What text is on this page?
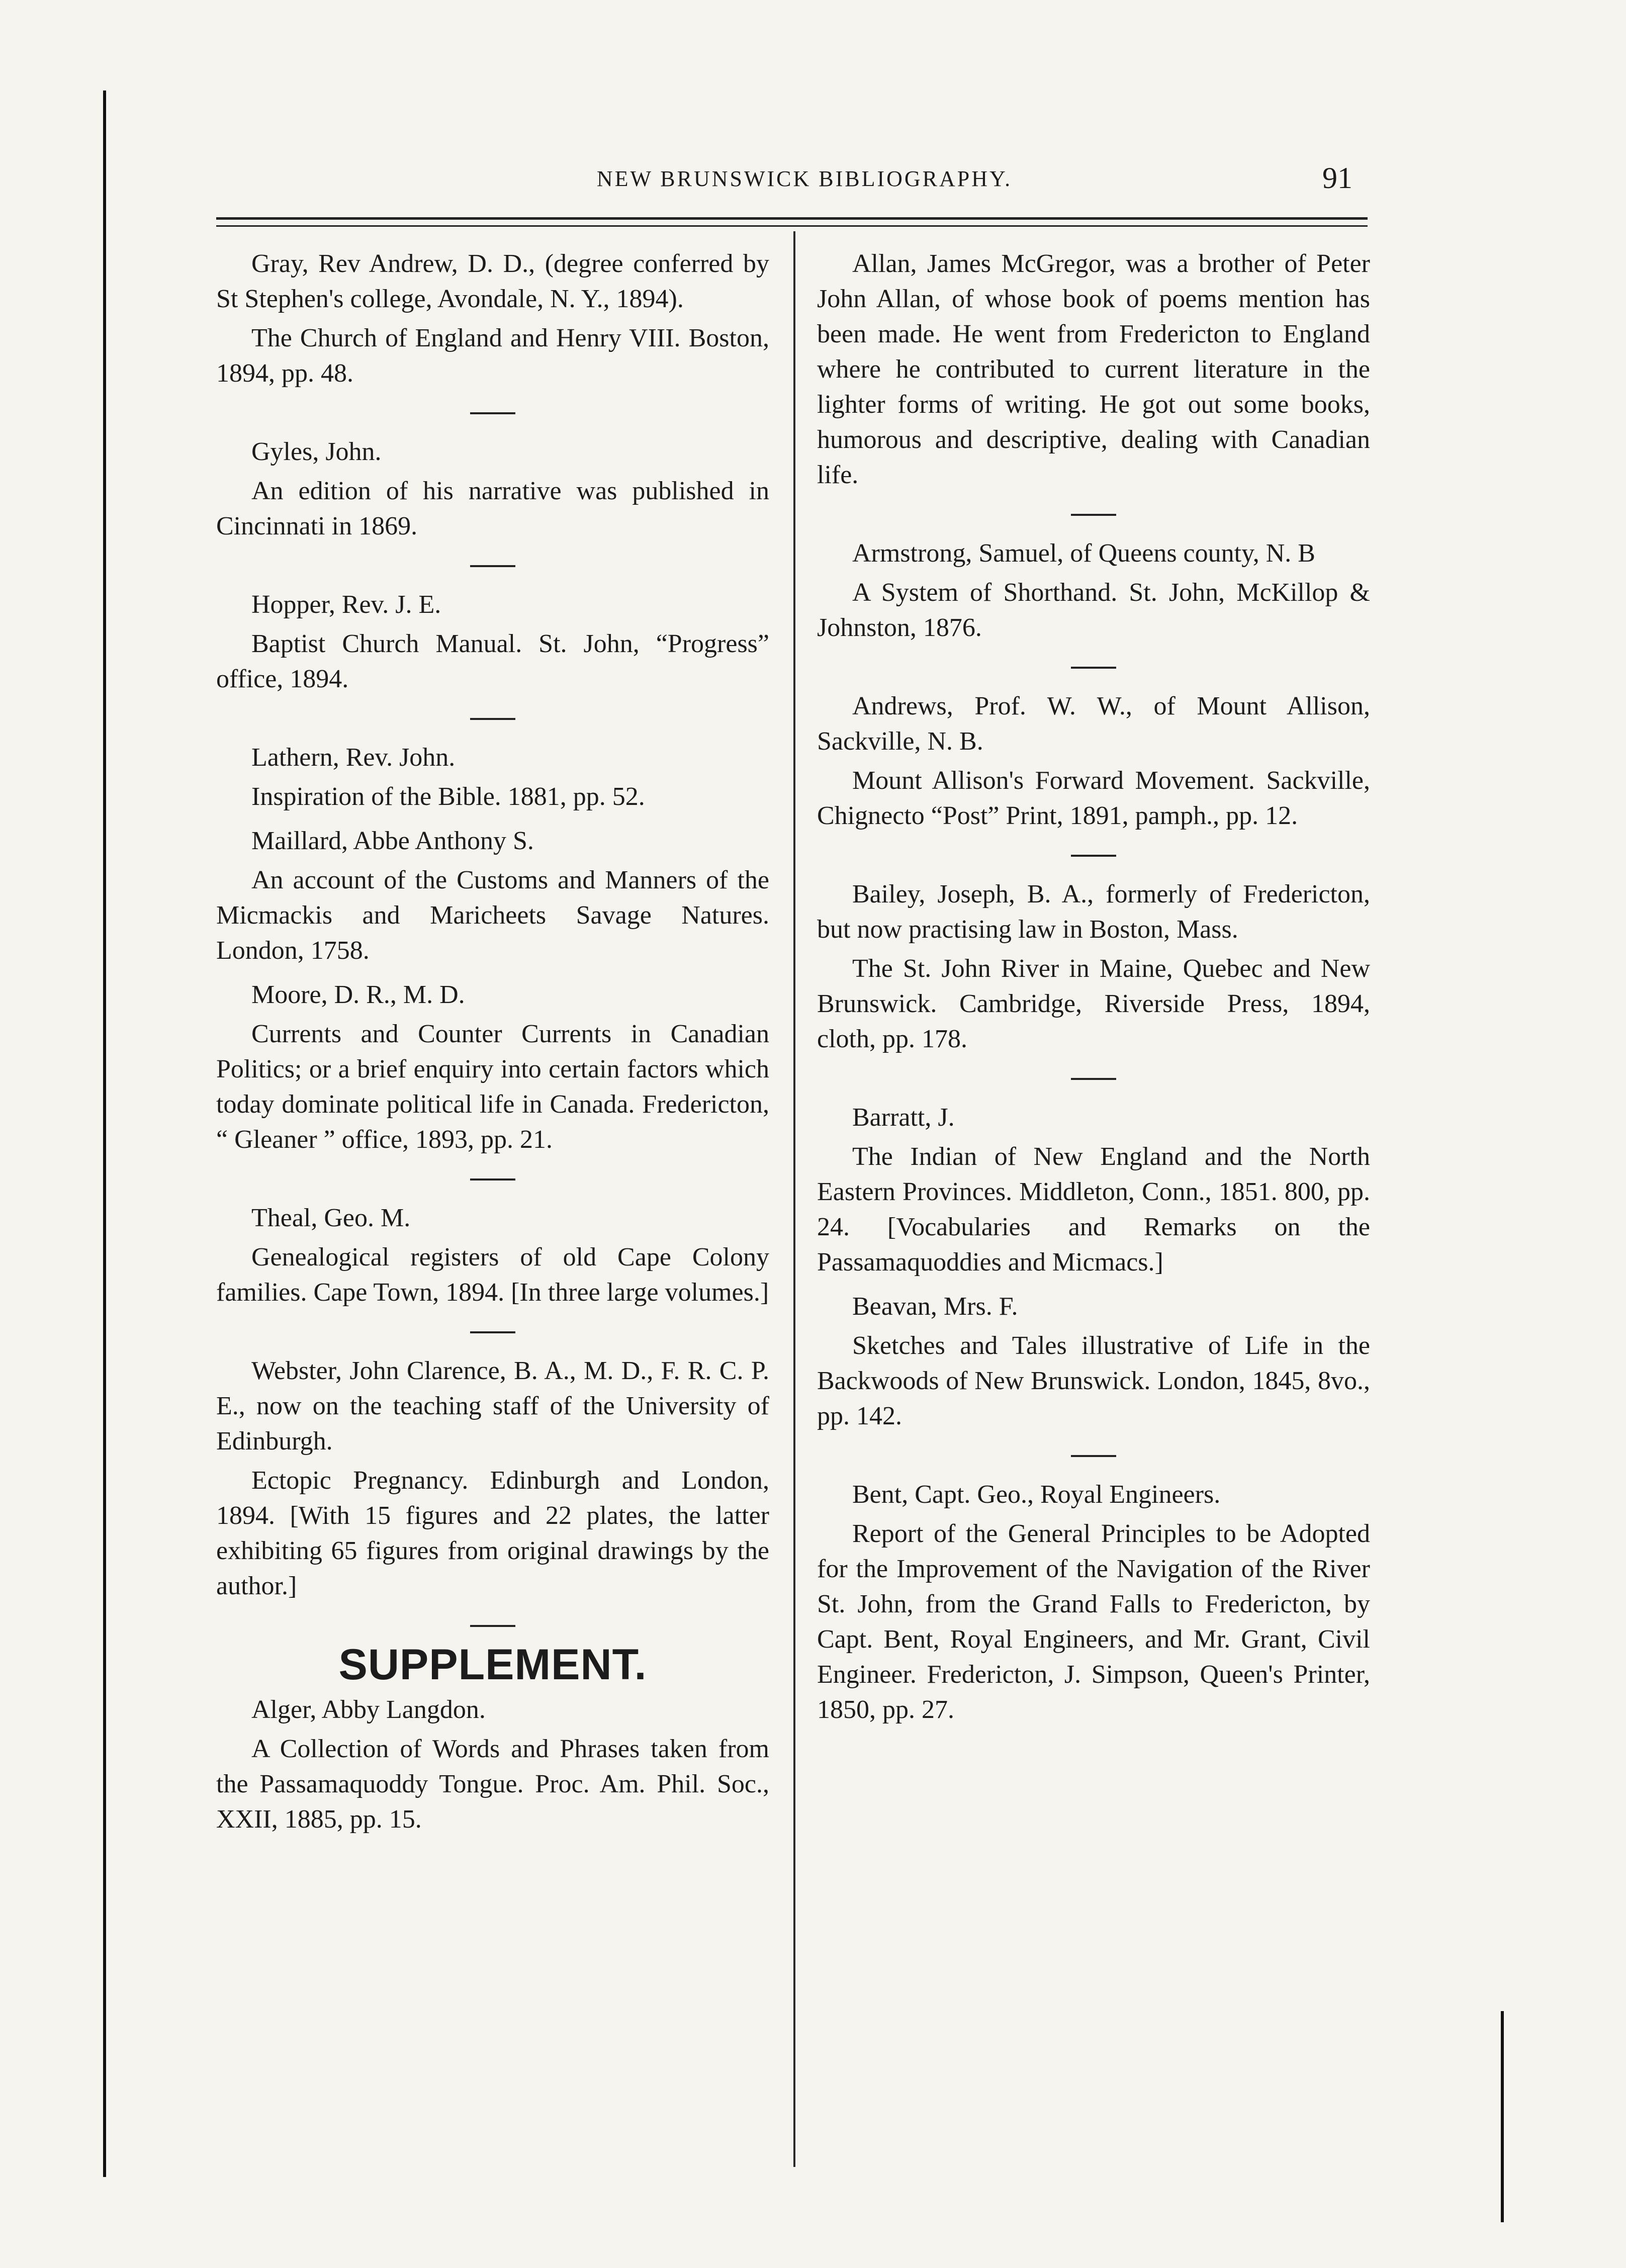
NEW BRUNSWICK BIBLIOGRAPHY.	91

Gray, Rev Andrew, D. D., (degree conferred by St Stephen's college, Avondale, N. Y., 1894).

The Church of England and Henry VIII. Boston, 1894, pp. 48.

Gyles, John.

An edition of his narrative was published in Cincinnati in 1869.

Hopper, Rev. J. E.

Baptist Church Manual. St. John, “Progress” office, 1894.

Lathern, Rev. John.

Inspiration of the Bible. 1881, pp. 52.

Maillard, Abbe Anthony S.

An account of the Customs and Manners of the Micmackis and Maricheets Savage Natures. London, 1758.

Moore, D. R., M. D.

Currents and Counter Currents in Canadian Politics; or a brief enquiry into certain factors which today dominate political life in Canada. Fredericton, “ Gleaner ” office, 1893, pp. 21.

Theal, Geo. M.

Genealogical registers of old Cape Colony families. Cape Town, 1894. [In three large volumes.]

Webster, John Clarence, B. A., M. D., F. R. C. P. E., now on the teaching staff of the University of Edinburgh.

Ectopic Pregnancy. Edinburgh and London, 1894. [With 15 figures and 22 plates, the latter exhibiting 65 figures from original drawings by the author.]

SUPPLEMENT.

Alger, Abby Langdon.

A Collection of Words and Phrases taken from the Passamaquoddy Tongue. Proc. Am. Phil. Soc., XXII, 1885, pp. 15.

Allan, James McGregor, was a brother of Peter John Allan, of whose book of poems mention has been made. He went from Fredericton to England where he contributed to current literature in the lighter forms of writing. He got out some books, humorous and descriptive, dealing with Canadian life.

Armstrong, Samuel, of Queens county, N. B

A System of Shorthand. St. John, McKillop & Johnston, 1876.

Andrews, Prof. W. W., of Mount Allison, Sackville, N. B.

Mount Allison's Forward Movement. Sackville, Chignecto “Post” Print, 1891, pamph., pp. 12.

Bailey, Joseph, B. A., formerly of Fredericton, but now practising law in Boston, Mass.

The St. John River in Maine, Quebec and New Brunswick. Cambridge, Riverside Press, 1894, cloth, pp. 178.

Barratt, J.

The Indian of New England and the North Eastern Provinces. Middleton, Conn., 1851. 800, pp. 24. [Vocabularies and Remarks on the Passamaquoddies and Micmacs.]

Beavan, Mrs. F.

Sketches and Tales illustrative of Life in the Backwoods of New Brunswick. London, 1845, 8vo., pp. 142.

Bent, Capt. Geo., Royal Engineers.

Report of the General Principles to be Adopted for the Improvement of the Navigation of the River St. John, from the Grand Falls to Fredericton, by Capt. Bent, Royal Engineers, and Mr. Grant, Civil Engineer. Fredericton, J. Simpson, Queen's Printer, 1850, pp. 27.
